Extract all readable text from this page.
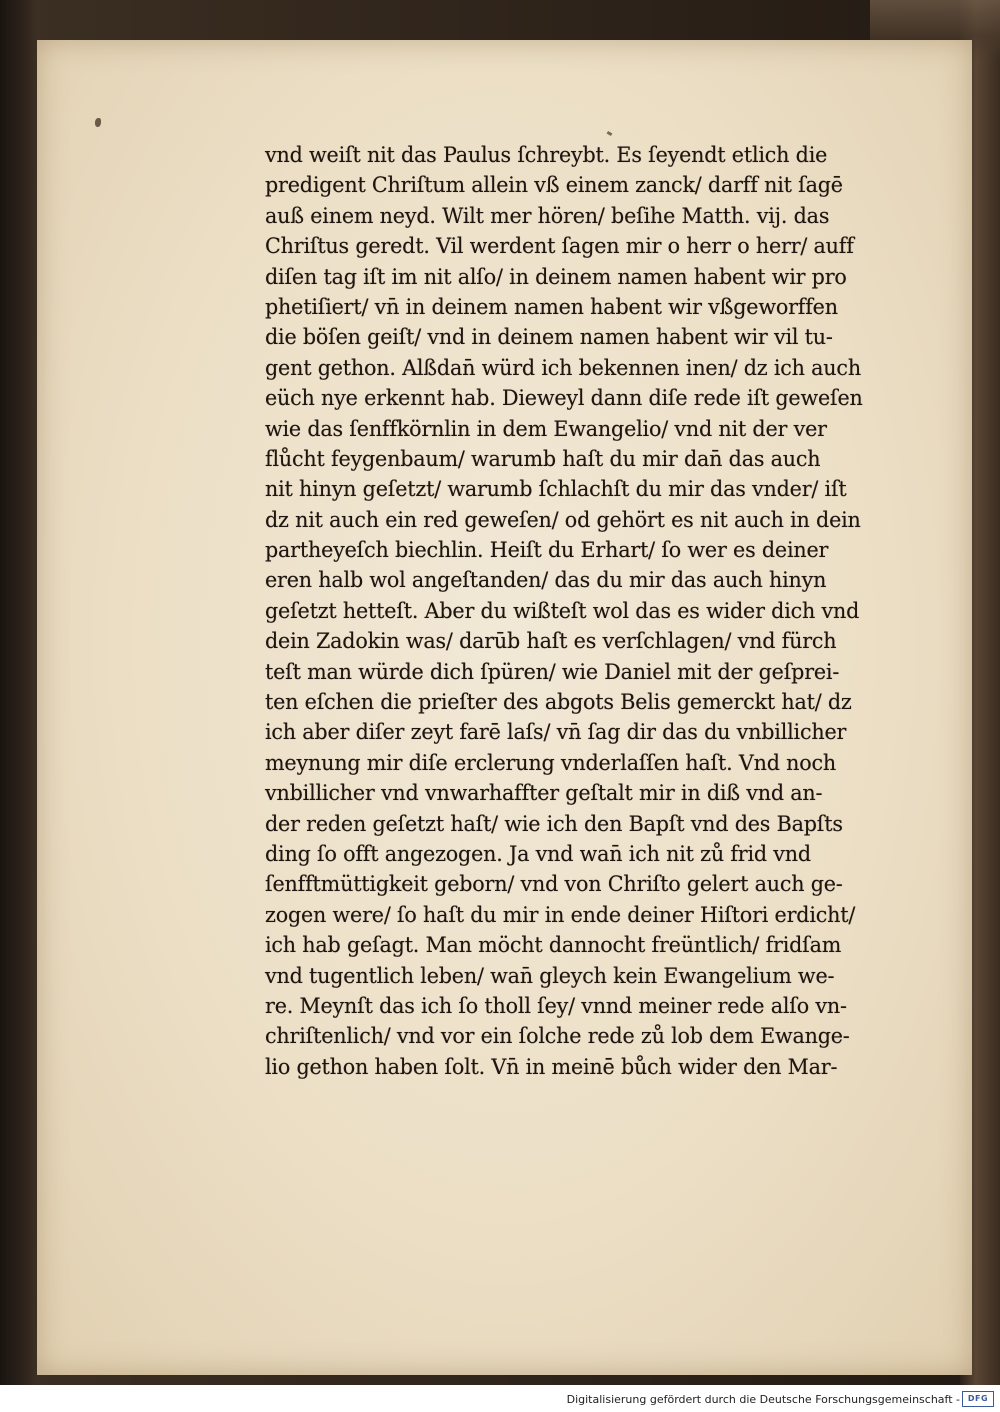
vnd weiſt nit das Paulus ſchreybt. Es ſeyendt etlich die
predigent Chriſtum allein vß einem zanck/ darff nit ſagē
auß einem neyd. Wilt mer hören/ beſihe Matth. vij. das
Chriſtus geredt. Vil werdent ſagen mir o herr o herr/ auff
diſen tag iſt im nit alſo/ in deinem namen habent wir pro
phetiſiert/ vn̄ in deinem namen habent wir vßgeworffen
die böſen geiſt/ vnd in deinem namen habent wir vil tu-
gent gethon. Alßdan̄ würd ich bekennen inen/ dz ich auch
eüch nye erkennt hab. Dieweyl dann diſe rede iſt geweſen
wie das ſenffkörnlin in dem Ewangelio/ vnd nit der ver
flůcht feygenbaum/ warumb haſt du mir dan̄ das auch
nit hinyn geſetzt/ warumb ſchlachſt du mir das vnder/ iſt
dz nit auch ein red geweſen/ od gehört es nit auch in dein
partheyeſch biechlin. Heiſt du Erhart/ ſo wer es deiner
eren halb wol angeſtanden/ das du mir das auch hinyn
geſetzt hetteſt. Aber du wißteſt wol das es wider dich vnd
dein Zadokin was/ darūb haſt es verſchlagen/ vnd fürch
teſt man würde dich ſpüren/ wie Daniel mit der geſprei-
ten eſchen die prieſter des abgots Belis gemerckt hat/ dz
ich aber diſer zeyt farē laſs/ vn̄ ſag dir das du vnbillicher
meynung mir diſe erclerung vnderlaſſen haſt. Vnd noch
vnbillicher vnd vnwarhaffter geſtalt mir in diß vnd an-
der reden geſetzt haſt/ wie ich den Bapſt vnd des Bapſts
ding ſo offt angezogen. Ja vnd wan̄ ich nit zů frid vnd
ſenfftmüttigkeit geborn/ vnd von Chriſto gelert auch ge-
zogen were/ ſo haſt du mir in ende deiner Hiſtori erdicht/
ich hab geſagt. Man möcht dannocht freüntlich/ fridſam
vnd tugentlich leben/ wan̄ gleych kein Ewangelium we-
re. Meynſt das ich ſo tholl ſey/ vnnd meiner rede alſo vn-
chriſtenlich/ vnd vor ein ſolche rede zů lob dem Ewange-
lio gethon haben ſolt. Vn̄ in meinē bůch wider den Mar-
Digitalisierung gefördert durch die Deutsche Forschungsgemeinschaft - DFG
